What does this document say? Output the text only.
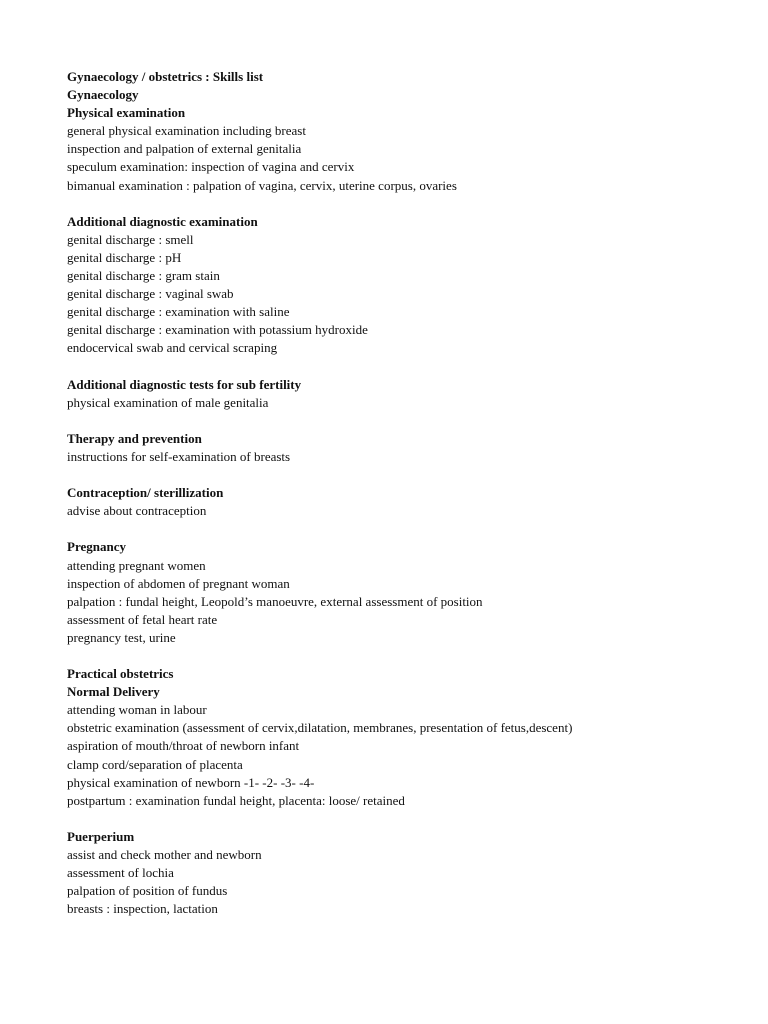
Gynaecology / obstetrics : Skills list
Gynaecology
Physical examination
general physical examination including breast
inspection and palpation of external genitalia
speculum examination: inspection of vagina and cervix
bimanual examination : palpation of vagina, cervix, uterine corpus, ovaries
Additional diagnostic examination
genital discharge : smell
genital discharge : pH
genital discharge : gram stain
genital discharge : vaginal swab
genital discharge : examination with saline
genital discharge : examination with potassium hydroxide
endocervical swab and cervical scraping
Additional diagnostic tests for sub fertility
physical examination of male genitalia
Therapy and prevention
instructions for self-examination of breasts
Contraception/ sterillization
advise about contraception
Pregnancy
attending pregnant women
inspection of abdomen of pregnant woman
palpation : fundal height, Leopold’s manoeuvre, external assessment of position
assessment of fetal heart rate
pregnancy test, urine
Practical obstetrics
Normal Delivery
attending woman in labour
obstetric examination (assessment of cervix,dilatation, membranes, presentation of fetus,descent)
aspiration of mouth/throat of newborn infant
clamp cord/separation of placenta
physical examination of newborn -1- -2- -3- -4-
postpartum : examination fundal height, placenta: loose/ retained
Puerperium
assist and check mother and newborn
assessment of lochia
palpation of position of fundus
breasts : inspection, lactation
